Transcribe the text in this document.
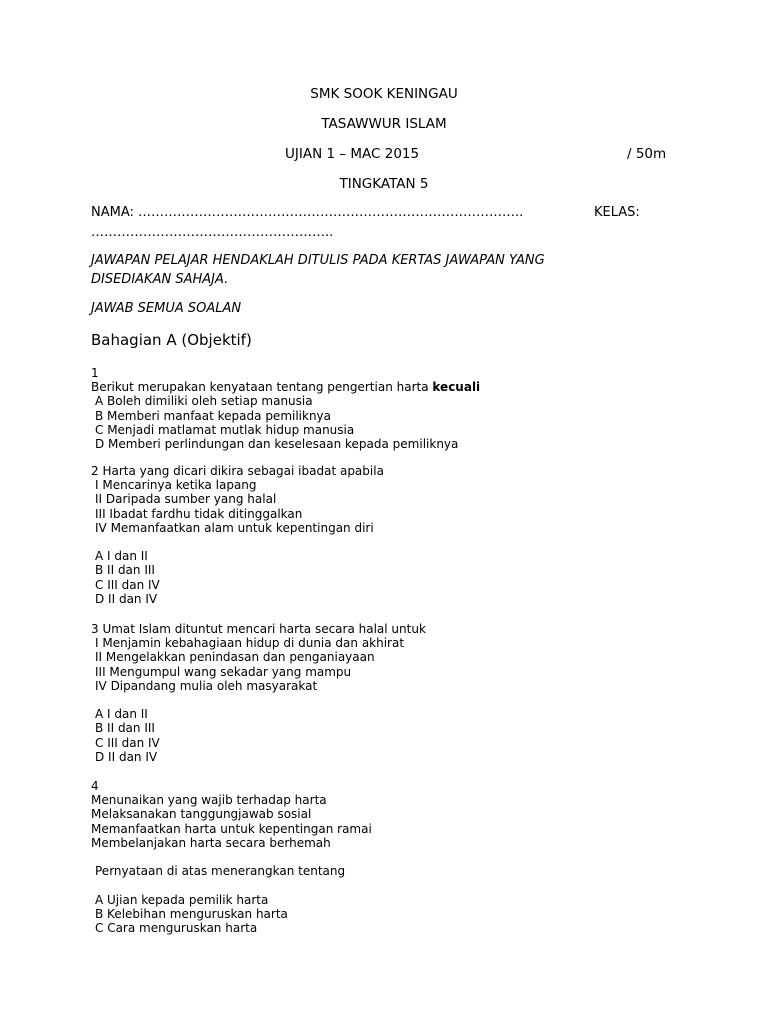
SMK SOOK KENINGAU
TASAWWUR ISLAM
UJIAN 1 – MAC 2015	/ 50m
TINGKATAN 5
NAMA: ……………………………………………………………………………..	KELAS:
………………………………………………..
JAWAPAN PELAJAR HENDAKLAH DITULIS PADA KERTAS JAWAPAN YANG
DISEDIAKAN SAHAJA.
JAWAB SEMUA SOALAN
Bahagian A (Objektif)
1
Berikut merupakan kenyataan tentang pengertian harta kecuali
A Boleh dimiliki oleh setiap manusia
B Memberi manfaat kepada pemiliknya
C Menjadi matlamat mutlak hidup manusia
D Memberi perlindungan dan keselesaan kepada pemiliknya
2 Harta yang dicari dikira sebagai ibadat apabila
I Mencarinya ketika lapang
II Daripada sumber yang halal
III Ibadat fardhu tidak ditinggalkan
IV Memanfaatkan alam untuk kepentingan diri
A I dan II
B II dan III
C III dan IV
D II dan IV
3 Umat Islam dituntut mencari harta secara halal untuk
I Menjamin kebahagiaan hidup di dunia dan akhirat
II Mengelakkan penindasan dan penganiayaan
III Mengumpul wang sekadar yang mampu
IV Dipandang mulia oleh masyarakat
A I dan II
B II dan III
C III dan IV
D II dan IV
4
Menunaikan yang wajib terhadap harta
Melaksanakan tanggungjawab sosial
Memanfaatkan harta untuk kepentingan ramai
Membelanjakan harta secara berhemah
Pernyataan di atas menerangkan tentang
A Ujian kepada pemilik harta
B Kelebihan menguruskan harta
C Cara menguruskan harta
